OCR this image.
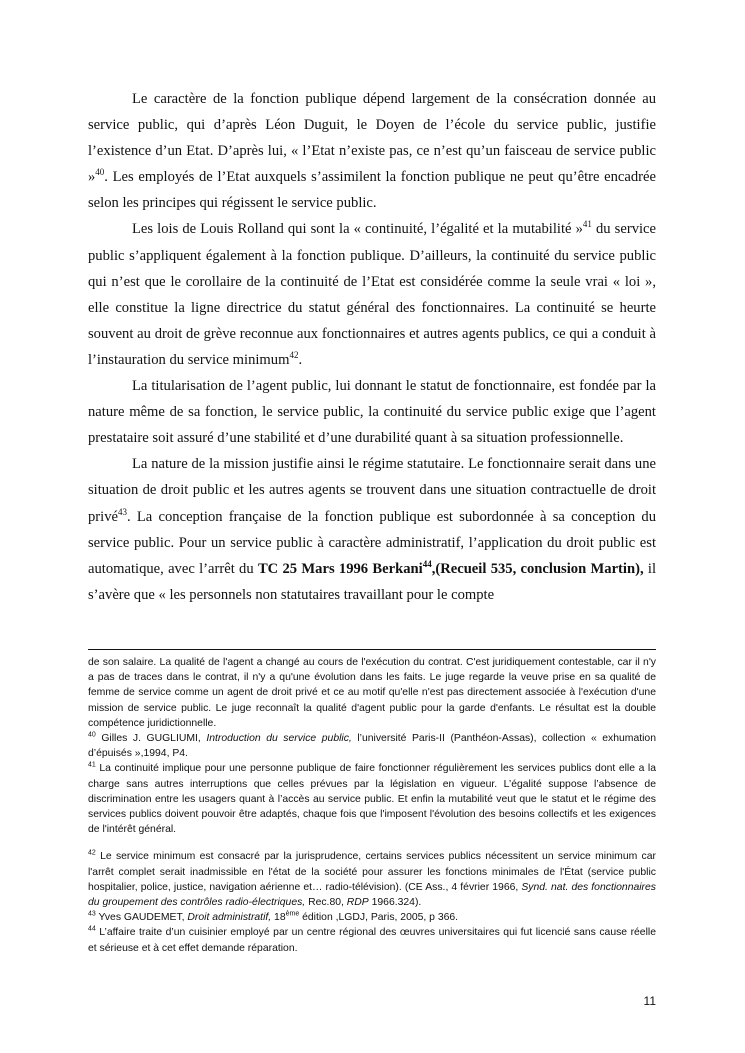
Le caractère de la fonction publique dépend largement de la consécration donnée au service public, qui d’après Léon Duguit, le Doyen de l’école du service public, justifie l’existence d’un Etat. D’après lui, « l’Etat n’existe pas, ce n’est qu’un faisceau de service public »$^{40}$. Les employés de l’Etat auxquels s’assimilent la fonction publique ne peut qu’être encadrée selon les principes qui régissent le service public.

Les lois de Louis Rolland qui sont la « continuité, l’égalité et la mutabilité »$^{41}$ du service public s’appliquent également à la fonction publique. D’ailleurs, la continuité du service public qui n’est que le corollaire de la continuité de l’Etat est considérée comme la seule vrai « loi », elle constitue la ligne directrice du statut général des fonctionnaires. La continuité se heurte souvent au droit de grève reconnue aux fonctionnaires et autres agents publics, ce qui a conduit à l’instauration du service minimum$^{42}$.

La titularisation de l’agent public, lui donnant le statut de fonctionnaire, est fondée par la nature même de sa fonction, le service public, la continuité du service public exige que l’agent prestataire soit assuré d’une stabilité et d’une durabilité quant à sa situation professionnelle.

La nature de la mission justifie ainsi le régime statutaire. Le fonctionnaire serait dans une situation de droit public et les autres agents se trouvent dans une situation contractuelle de droit privé$^{43}$. La conception française de la fonction publique est subordonnée à sa conception du service public. Pour un service public à caractère administratif, l’application du droit public est automatique, avec l’arrêt du TC 25 Mars 1996 Berkani$^{44}$,(Recueil 535, conclusion Martin), il s’avère que « les personnels non statutaires travaillant pour le compte

de son salaire. La qualité de l'agent a changé au cours de l'exécution du contrat. C'est juridiquement contestable, car il n'y a pas de traces dans le contrat, il n'y a qu'une évolution dans les faits. Le juge regarde la veuve prise en sa qualité de femme de service comme un agent de droit privé et ce au motif qu'elle n'est pas directement associée à l'exécution d'une mission de service public. Le juge reconnaît la qualité d'agent public pour la garde d'enfants. Le résultat est la double compétence juridictionnelle.

$^{40}$ Gilles J. GUGLIUMI, Introduction du service public, l’université Paris-II (Panthéon-Assas), collection « exhumation d’épuisés »,1994, P4.

$^{41}$ La continuité implique pour une personne publique de faire fonctionner régulièrement les services publics dont elle a la charge sans autres interruptions que celles prévues par la législation en vigueur. L’égalité suppose l’absence de discrimination entre les usagers quant à l’accès au service public. Et enfin la mutabilité veut que le statut et le régime des services publics doivent pouvoir être adaptés, chaque fois que l'imposent l'évolution des besoins collectifs et les exigences de l'intérêt général.

$^{42}$ Le service minimum est consacré par la jurisprudence, certains services publics nécessitent un service minimum car l'arrêt complet serait inadmissible en l'état de la société pour assurer les fonctions minimales de l'État (service public hospitalier, police, justice, navigation aérienne et… radio-télévision). (CE Ass., 4 février 1966, Synd. nat. des fonctionnaires du groupement des contrôles radio-électriques, Rec.80, RDP 1966.324).

$^{43}$ Yves GAUDEMET, Droit administratif, 18ème édition ,LGDJ, Paris, 2005, p 366.

$^{44}$ L’affaire traite d’un cuisinier employé par un centre régional des œuvres universitaires qui fut licencié sans cause réelle et sérieuse et à cet effet demande réparation.

11
